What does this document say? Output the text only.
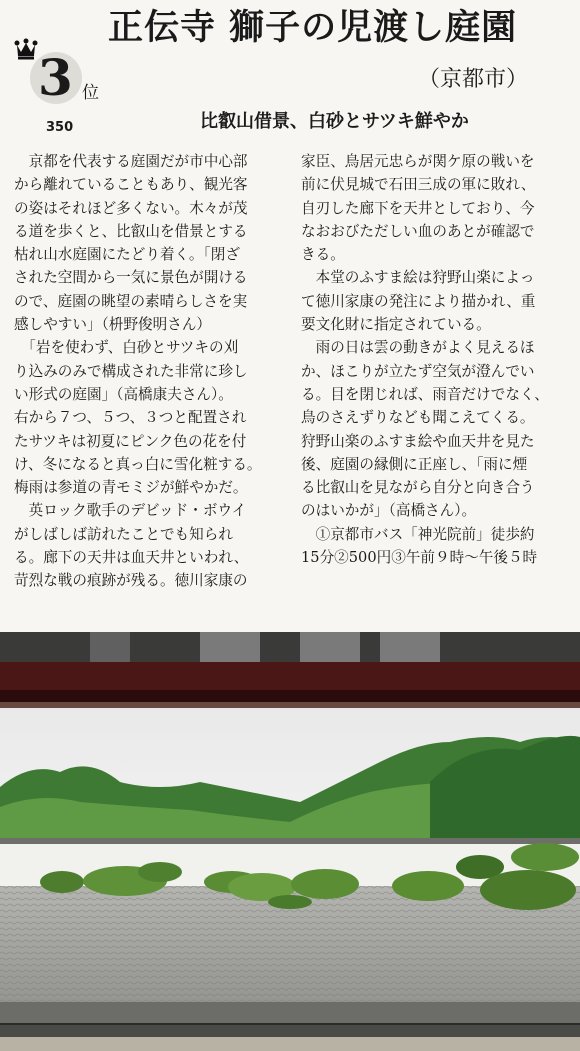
正伝寺 獅子の児渡し庭園
3 位
350
（京都市）
比叡山借景、白砂とサツキ鮮やか

　京都を代表する庭園だが市中心部

から離れていることもあり、観光客

の姿はそれほど多くない。木々が茂

る道を歩くと、比叡山を借景とする

枯れ山水庭園にたどり着く。「閉ざ

された空間から一気に景色が開ける

ので、庭園の眺望の素晴らしさを実

感しやすい」（枡野俊明さん）

　「岩を使わず、白砂とサツキの刈

り込みのみで構成された非常に珍し

い形式の庭園」（高橋康夫さん）。

右から７つ、５つ、３つと配置され

たサツキは初夏にピンク色の花を付

け、冬になると真っ白に雪化粧する。

梅雨は参道の青モミジが鮮やかだ。

　英ロック歌手のデビッド・ボウイ

がしばしば訪れたことでも知られ

る。廊下の天井は血天井といわれ、

苛烈な戦の痕跡が残る。徳川家康の

家臣、鳥居元忠らが関ケ原の戦いを

前に伏見城で石田三成の軍に敗れ、

自刃した廊下を天井としており、今

なおおびただしい血のあとが確認で

きる。

　本堂のふすま絵は狩野山楽によっ

て徳川家康の発注により描かれ、重

要文化財に指定されている。

　雨の日は雲の動きがよく見えるほ

か、ほこりが立たず空気が澄んでい

る。目を閉じれば、雨音だけでなく、

鳥のさえずりなども聞こえてくる。

狩野山楽のふすま絵や血天井を見た

後、庭園の縁側に正座し、「雨に煙

る比叡山を見ながら自分と向き合う

のはいかが」（高橋さん）。

　①京都市バス「神光院前」徒歩約

15分②500円③午前９時～午後５時
